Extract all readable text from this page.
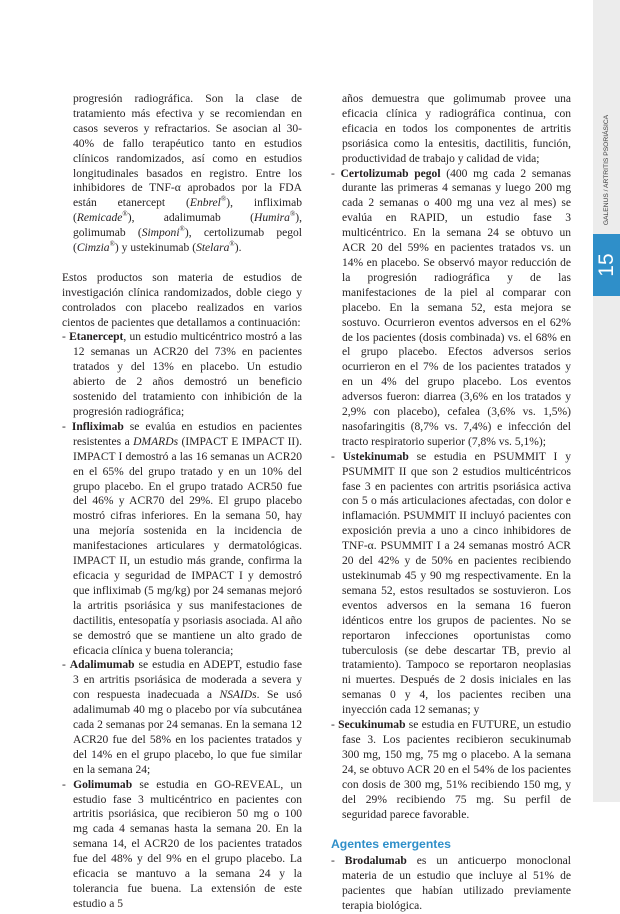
GALENUS / ARTRITIS PSORIÁSICA
15

progresión radiográfica. Son la clase de tratamiento más efectiva y se recomiendan en casos severos y refractarios. Se asocian al 30-40% de fallo terapéutico tanto en estudios clínicos randomizados, así como en estudios longitudinales basados en registro. Entre los inhibidores de TNF-α aprobados por la FDA están etanercept (Enbrel®), infliximab (Remicade®), adalimumab (Humira®), golimumab (Simponi®), certolizumab pegol (Cimzia®) y ustekinumab (Stelara®).

Estos productos son materia de estudios de investigación clínica randomizados, doble ciego y controlados con placebo realizados en varios cientos de pacientes que detallamos a continuación:

- Etanercept, un estudio multicéntrico mostró a las 12 semanas un ACR20 del 73% en pacientes tratados y del 13% en placebo. Un estudio abierto de 2 años demostró un beneficio sostenido del tratamiento con inhibición de la progresión radiográfica;

- Infliximab se evalúa en estudios en pacientes resistentes a DMARDs (IMPACT E IMPACT II). IMPACT I demostró a las 16 semanas un ACR20 en el 65% del grupo tratado y en un 10% del grupo placebo. En el grupo tratado ACR50 fue del 46% y ACR70 del 29%. El grupo placebo mostró cifras inferiores. En la semana 50, hay una mejoría sostenida en la incidencia de manifestaciones articulares y dermatológicas. IMPACT II, un estudio más grande, confirma la eficacia y seguridad de IMPACT I y demostró que infliximab (5 mg/kg) por 24 semanas mejoró la artritis psoriásica y sus manifestaciones de dactilitis, entesopatía y psoriasis asociada. Al año se demostró que se mantiene un alto grado de eficacia clínica y buena tolerancia;

- Adalimumab se estudia en ADEPT, estudio fase 3 en artritis psoriásica de moderada a severa y con respuesta inadecuada a NSAIDs. Se usó adalimumab 40 mg o placebo por vía subcutánea cada 2 semanas por 24 semanas. En la semana 12 ACR20 fue del 58% en los pacientes tratados y del 14% en el grupo placebo, lo que fue similar en la semana 24;

- Golimumab se estudia en GO-REVEAL, un estudio fase 3 multicéntrico en pacientes con artritis psoriásica, que recibieron 50 mg o 100 mg cada 4 semanas hasta la semana 20. En la semana 14, el ACR20 de los pacientes tratados fue del 48% y del 9% en el grupo placebo. La eficacia se mantuvo a la semana 24 y la tolerancia fue buena. La extensión de este estudio a 5

años demuestra que golimumab provee una eficacia clínica y radiográfica continua, con eficacia en todos los componentes de artritis psoriásica como la entesitis, dactilitis, función, productividad de trabajo y calidad de vida;

- Certolizumab pegol (400 mg cada 2 semanas durante las primeras 4 semanas y luego 200 mg cada 2 semanas o 400 mg una vez al mes) se evalúa en RAPID, un estudio fase 3 multicéntrico. En la semana 24 se obtuvo un ACR 20 del 59% en pacientes tratados vs. un 14% en placebo. Se observó mayor reducción de la progresión radiográfica y de las manifestaciones de la piel al comparar con placebo. En la semana 52, esta mejora se sostuvo. Ocurrieron eventos adversos en el 62% de los pacientes (dosis combinada) vs. el 68% en el grupo placebo. Efectos adversos serios ocurrieron en el 7% de los pacientes tratados y en un 4% del grupo placebo. Los eventos adversos fueron: diarrea (3,6% en los tratados y 2,9% con placebo), cefalea (3,6% vs. 1,5%) nasofaringitis (8,7% vs. 7,4%) e infección del tracto respiratorio superior (7,8% vs. 5,1%);

- Ustekinumab se estudia en PSUMMIT I y PSUMMIT II que son 2 estudios multicéntricos fase 3 en pacientes con artritis psoriásica activa con 5 o más articulaciones afectadas, con dolor e inflamación. PSUMMIT II incluyó pacientes con exposición previa a uno a cinco inhibidores de TNF-α. PSUMMIT I a 24 semanas mostró ACR 20 del 42% y de 50% en pacientes recibiendo ustekinumab 45 y 90 mg respectivamente. En la semana 52, estos resultados se sostuvieron. Los eventos adversos en la semana 16 fueron idénticos entre los grupos de pacientes. No se reportaron infecciones oportunistas como tuberculosis (se debe descartar TB, previo al tratamiento). Tampoco se reportaron neoplasias ni muertes. Después de 2 dosis iniciales en las semanas 0 y 4, los pacientes reciben una inyección cada 12 semanas; y

- Secukinumab se estudia en FUTURE, un estudio fase 3. Los pacientes recibieron secukinumab 300 mg, 150 mg, 75 mg o placebo. A la semana 24, se obtuvo ACR 20 en el 54% de los pacientes con dosis de 300 mg, 51% recibiendo 150 mg, y del 29% recibiendo 75 mg. Su perfil de seguridad parece favorable.

Agentes emergentes

- Brodalumab es un anticuerpo monoclonal materia de un estudio que incluye al 51% de pacientes que habían utilizado previamente terapia biológica.
